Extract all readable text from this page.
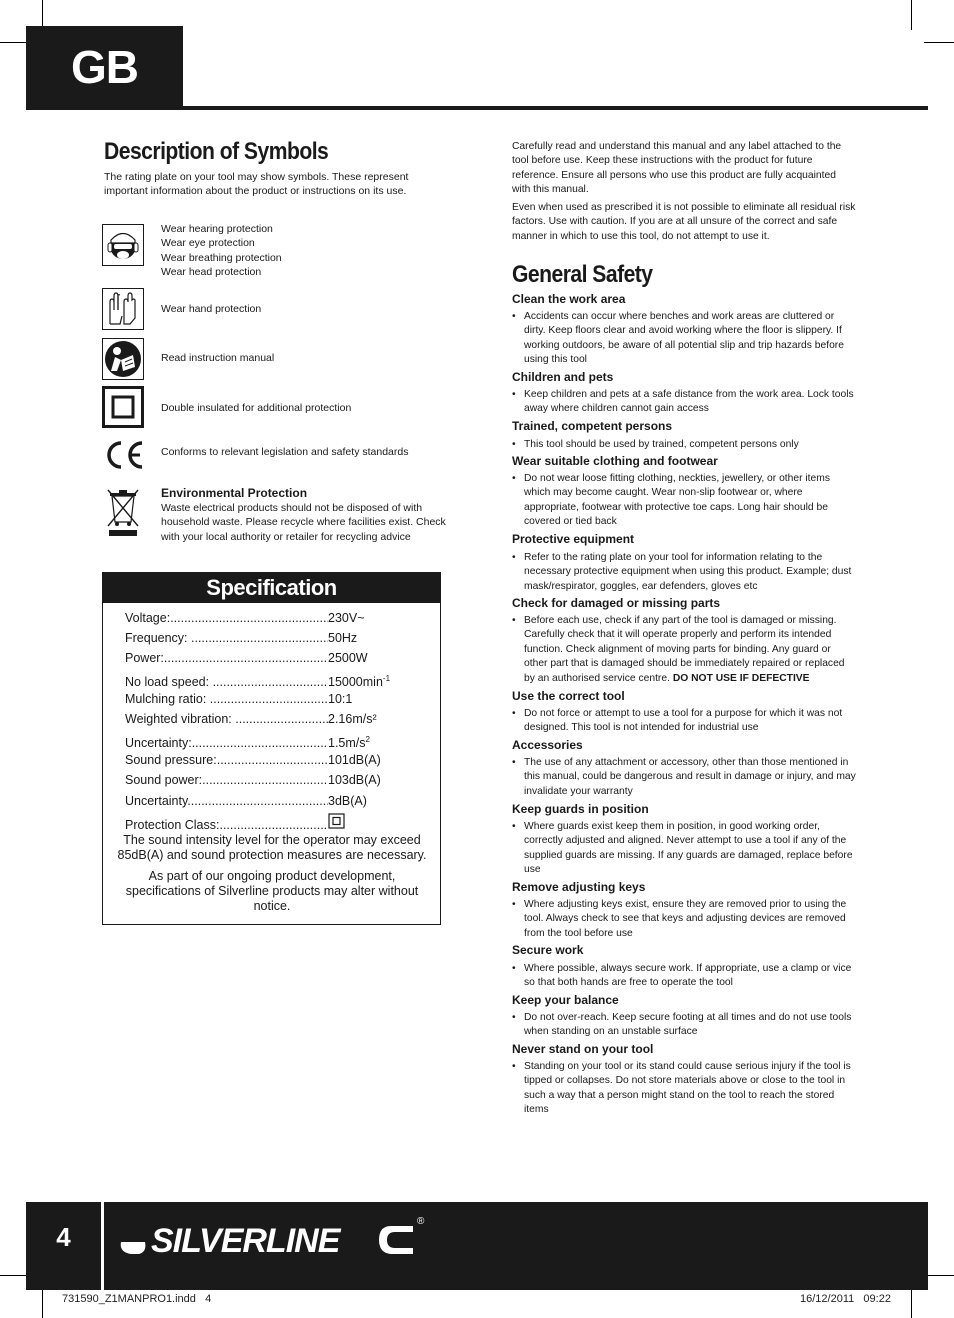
GB
Description of Symbols
The rating plate on your tool may show symbols. These represent important information about the product or instructions on its use.
Wear hearing protection
Wear eye protection
Wear breathing protection
Wear head protection
Wear hand protection
Read instruction manual
Double insulated for additional protection
Conforms to relevant legislation and safety standards
Environmental Protection
Waste electrical products should not be disposed of with household waste. Please recycle where facilities exist. Check with your local authority or retailer for recycling advice
Specification
Voltage: .....	230V~
Frequency: .....	50Hz
Power: .....	2500W
No load speed: .....	$15000\min^{-1}$
Mulching ratio: .....	10:1
Weighted vibration: .....	2.16m/s²
Uncertainty: .....	$1.5m/s^2$
Sound pressure: .....	101dB(A)
Sound power: .....	103dB(A)
Uncertainty .....	3dB(A)
Protection Class: .....
The sound intensity level for the operator may exceed 85dB(A) and sound protection measures are necessary.
As part of our ongoing product development, specifications of Silverline products may alter without notice.
Carefully read and understand this manual and any label attached to the tool before use. Keep these instructions with the product for future reference. Ensure all persons who use this product are fully acquainted with this manual.
Even when used as prescribed it is not possible to eliminate all residual risk factors. Use with caution. If you are at all unsure of the correct and safe manner in which to use this tool, do not attempt to use it.
General Safety
Clean the work area
• Accidents can occur where benches and work areas are cluttered or dirty. Keep floors clear and avoid working where the floor is slippery. If working outdoors, be aware of all potential slip and trip hazards before using this tool
Children and pets
• Keep children and pets at a safe distance from the work area. Lock tools away where children cannot gain access
Trained, competent persons
• This tool should be used by trained, competent persons only
Wear suitable clothing and footwear
• Do not wear loose fitting clothing, neckties, jewellery, or other items which may become caught. Wear non-slip footwear or, where appropriate, footwear with protective toe caps. Long hair should be covered or tied back
Protective equipment
• Refer to the rating plate on your tool for information relating to the necessary protective equipment when using this product. Example; dust mask/respirator, goggles, ear defenders, gloves etc
Check for damaged or missing parts
• Before each use, check if any part of the tool is damaged or missing. Carefully check that it will operate properly and perform its intended function. Check alignment of moving parts for binding. Any guard or other part that is damaged should be immediately repaired or replaced by an authorised service centre. DO NOT USE IF DEFECTIVE
Use the correct tool
• Do not force or attempt to use a tool for a purpose for which it was not designed. This tool is not intended for industrial use
Accessories
• The use of any attachment or accessory, other than those mentioned in this manual, could be dangerous and result in damage or injury, and may invalidate your warranty
Keep guards in position
• Where guards exist keep them in position, in good working order, correctly adjusted and aligned. Never attempt to use a tool if any of the supplied guards are missing. If any guards are damaged, replace before use
Remove adjusting keys
• Where adjusting keys exist, ensure they are removed prior to using the tool. Always check to see that keys and adjusting devices are removed from the tool before use
Secure work
• Where possible, always secure work. If appropriate, use a clamp or vice so that both hands are free to operate the tool
Keep your balance
• Do not over-reach. Keep secure footing at all times and do not use tools when standing on an unstable surface
Never stand on your tool
• Standing on your tool or its stand could cause serious injury if the tool is tipped or collapses. Do not store materials above or close to the tool in such a way that a person might stand on the tool to reach the stored items
4	SILVERLINE
®
731590_Z1MANPRO1.indd   4	16/12/2011   09:22
